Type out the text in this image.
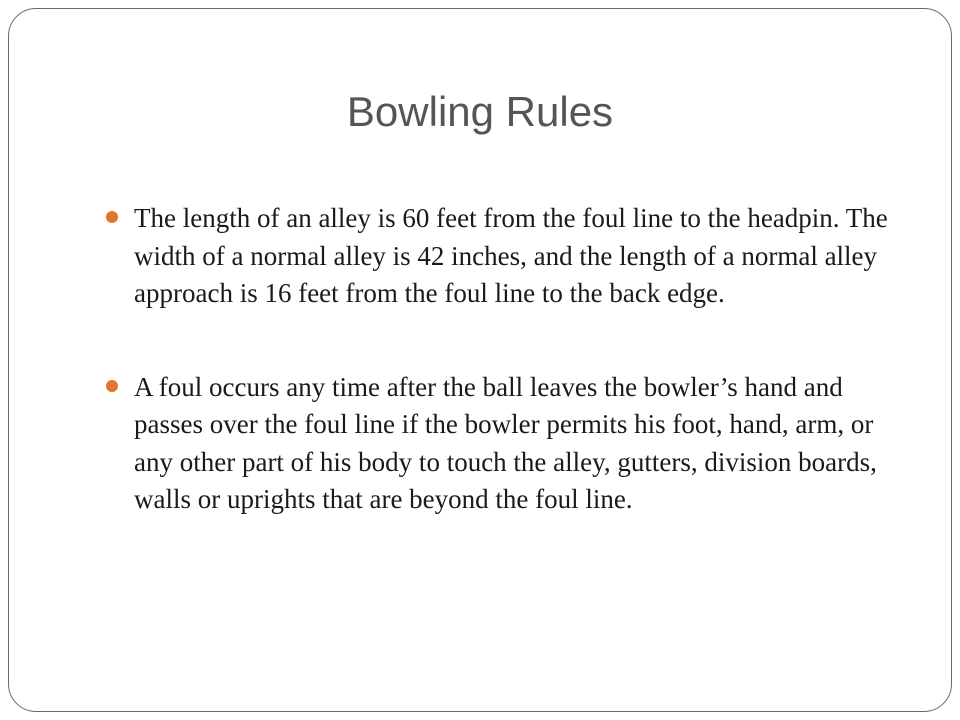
Bowling Rules
The length of an alley is 60 feet from the foul line to the headpin. The width of a normal alley is 42 inches, and the length of a normal alley approach is 16 feet from the foul line to the back edge.
A foul occurs any time after the ball leaves the bowler’s hand and passes over the foul line if the bowler permits his foot, hand, arm, or any other part of his body to touch the alley, gutters, division boards, walls or uprights that are beyond the foul line.
